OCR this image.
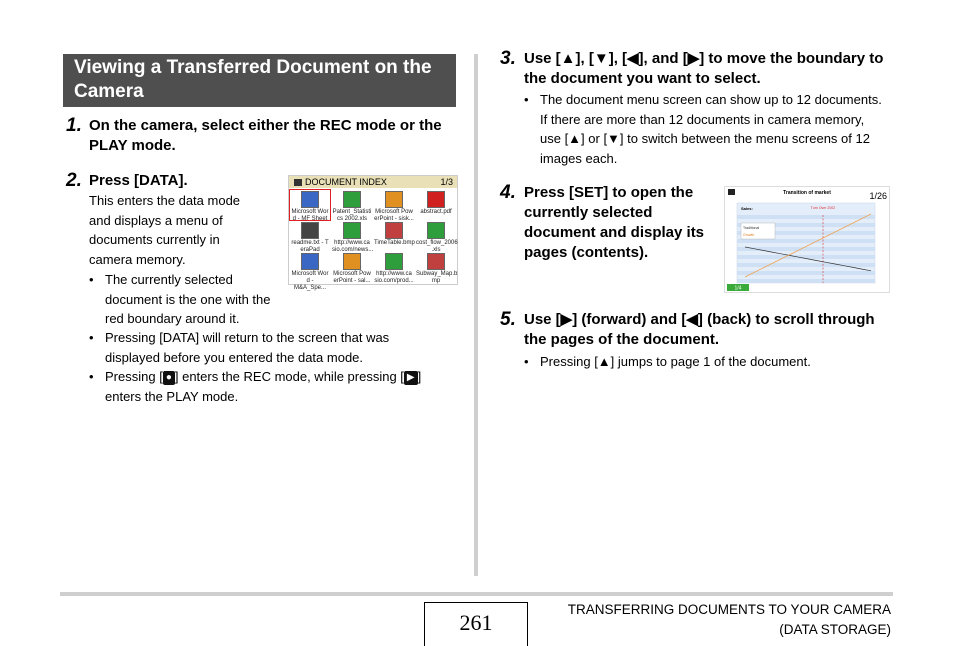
Viewing a Transferred Document on the Camera
1. On the camera, select either the REC mode or the PLAY mode.
2. Press [DATA].
This enters the data mode and displays a menu of documents currently in camera memory.
• The currently selected document is the one with the red boundary around it.
• Pressing [DATA] will return to the screen that was displayed before you entered the data mode.
• Pressing [ ● ] enters the REC mode, while pressing [ ▶ ] enters the PLAY mode.
DOCUMENT INDEX	1/3
Microsoft Wor d - MF Sheet
Patent_Statisti cs 2002.xls
Microsoft Pow erPoint - sisk...
abstract.pdf
readme.txt - T eraPad
http://www.ca sio.com/news...
TimeTable.bmp cost_flow_2006 .xls
Microsoft Wor d - M&A_Spe...
Microsoft Pow erPoint - sal...
http://www.ca sio.com/prod...
Subway_Map.b mp
3. Use [▲], [▼], [◀], and [▶] to move the boundary to the document you want to select.
• The document menu screen can show up to 12 documents. If there are more than 12 documents in camera memory, use [▲] or [▼] to switch between the menu screens of 12 images each.
4. Press [SET] to open the currently selected document and display its pages (contents).
Transition of market	1/26
Sales:	Turn Over 2002
Traditional
Growth
1/4
5. Use [▶] (forward) and [◀] (back) to scroll through the pages of the document.
• Pressing [▲] jumps to page 1 of the document.
261
TRANSFERRING DOCUMENTS TO YOUR CAMERA
(DATA STORAGE)
